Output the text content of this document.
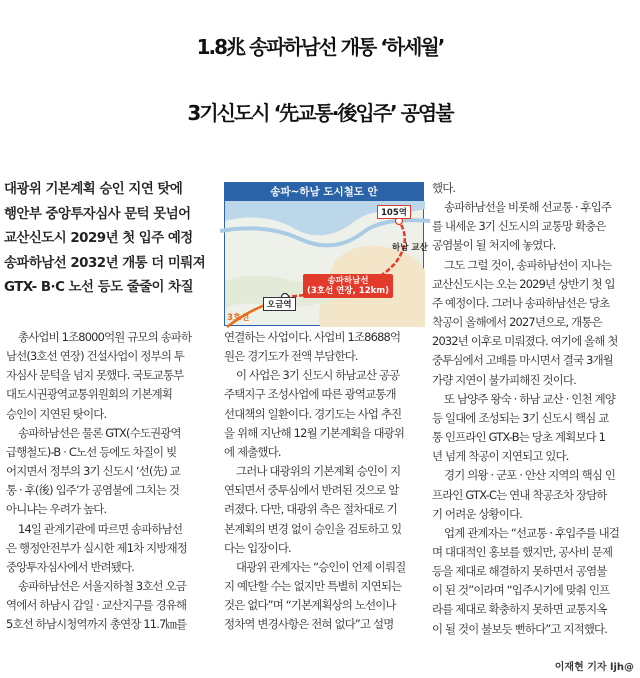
1.8兆 송파하남선 개통 ‘하세월’
3기신도시 ‘先교통·後입주’ 공염불

대광위 기본계획 승인 지연 탓에

행안부 중앙투자심사 문턱 못넘어

교산신도시 2029년 첫 입주 예정

송파하남선 2032년 개통 더 미뤄져

GTX- B·C 노선 등도 줄줄이 차질

송파~하남 도시철도 안
105역
하남 교산
송파하남선
(3호선 연장, 12km)
오금역
3호선

총사업비 1조8000억원 규모의 송파하
남선(3호선 연장) 건설사업이 정부의 투
자심사 문턱을 넘지 못했다. 국토교통부
대도시권광역교통위원회의 기본계획
승인이 지연된 탓이다.

송파하남선은 물론 GTX(수도권광역
급행철도)-B · C노선 등에도 차질이 빚
어지면서 정부의 3기 신도시 ‘선(先) 교
통 · 후(後) 입주’가 공염불에 그치는 것
아니냐는 우려가 높다.

14일 관계기관에 따르면 송파하남선
은 행정안전부가 실시한 제1차 지방재정
중앙투자심사에서 반려됐다.

송파하남선은 서울지하철 3호선 오금
역에서 하남시 감일 · 교산지구를 경유해
5호선 하남시청역까지 총연장 11.7㎞를

연결하는 사업이다. 사업비 1조8688억
원은 경기도가 전액 부담한다.

이 사업은 3기 신도시 하남교산 공공
주택지구 조성사업에 따른 광역교통개
선대책의 일환이다. 경기도는 사업 추진
을 위해 지난해 12월 기본계획을 대광위
에 제출했다.

그러나 대광위의 기본계획 승인이 지
연되면서 중투심에서 반려된 것으로 알
려졌다. 다만, 대광위 측은 절차대로 기
본계획의 변경 없이 승인을 검토하고 있
다는 입장이다.

대광위 관계자는 “승인이 언제 이뤄질
지 예단할 수는 없지만 특별히 지연되는
것은 없다”며 “기본계획상의 노선이나
정차역 변경사항은 전혀 없다”고 설명

했다.

송파하남선을 비롯해 선교통 · 후입주
를 내세운 3기 신도시의 교통망 확충은
공염불이 될 처지에 놓였다.

그도 그럴 것이, 송파하남선이 지나는
교산신도시는 오는 2029년 상반기 첫 입
주 예정이다. 그러나 송파하남선은 당초
착공이 올해에서 2027년으로, 개통은
2032년 이후로 미뤄졌다. 여기에 올해 첫
중투심에서 고배를 마시면서 결국 3개월
가량 지연이 불가피해진 것이다.

또 남양주 왕숙 · 하남 교산 · 인천 계양
등 일대에 조성되는 3기 신도시 핵심 교
통 인프라인 GTX-B는 당초 계획보다 1
년 넘게 착공이 지연되고 있다.

경기 의왕 · 군포 · 안산 지역의 핵심 인
프라인 GTX-C는 연내 착공조차 장담하
기 어려운 상황이다.

업계 관계자는 “선교통 · 후입주를 내걸
며 대대적인 홍보를 했지만, 공사비 문제
등을 제대로 해결하지 못하면서 공염불
이 된 것”이라며 “입주시기에 맞춰 인프
라를 제대로 확충하지 못하면 교통지옥
이 될 것이 불보듯 뻔하다”고 지적했다.

이재현 기자 ljh@
